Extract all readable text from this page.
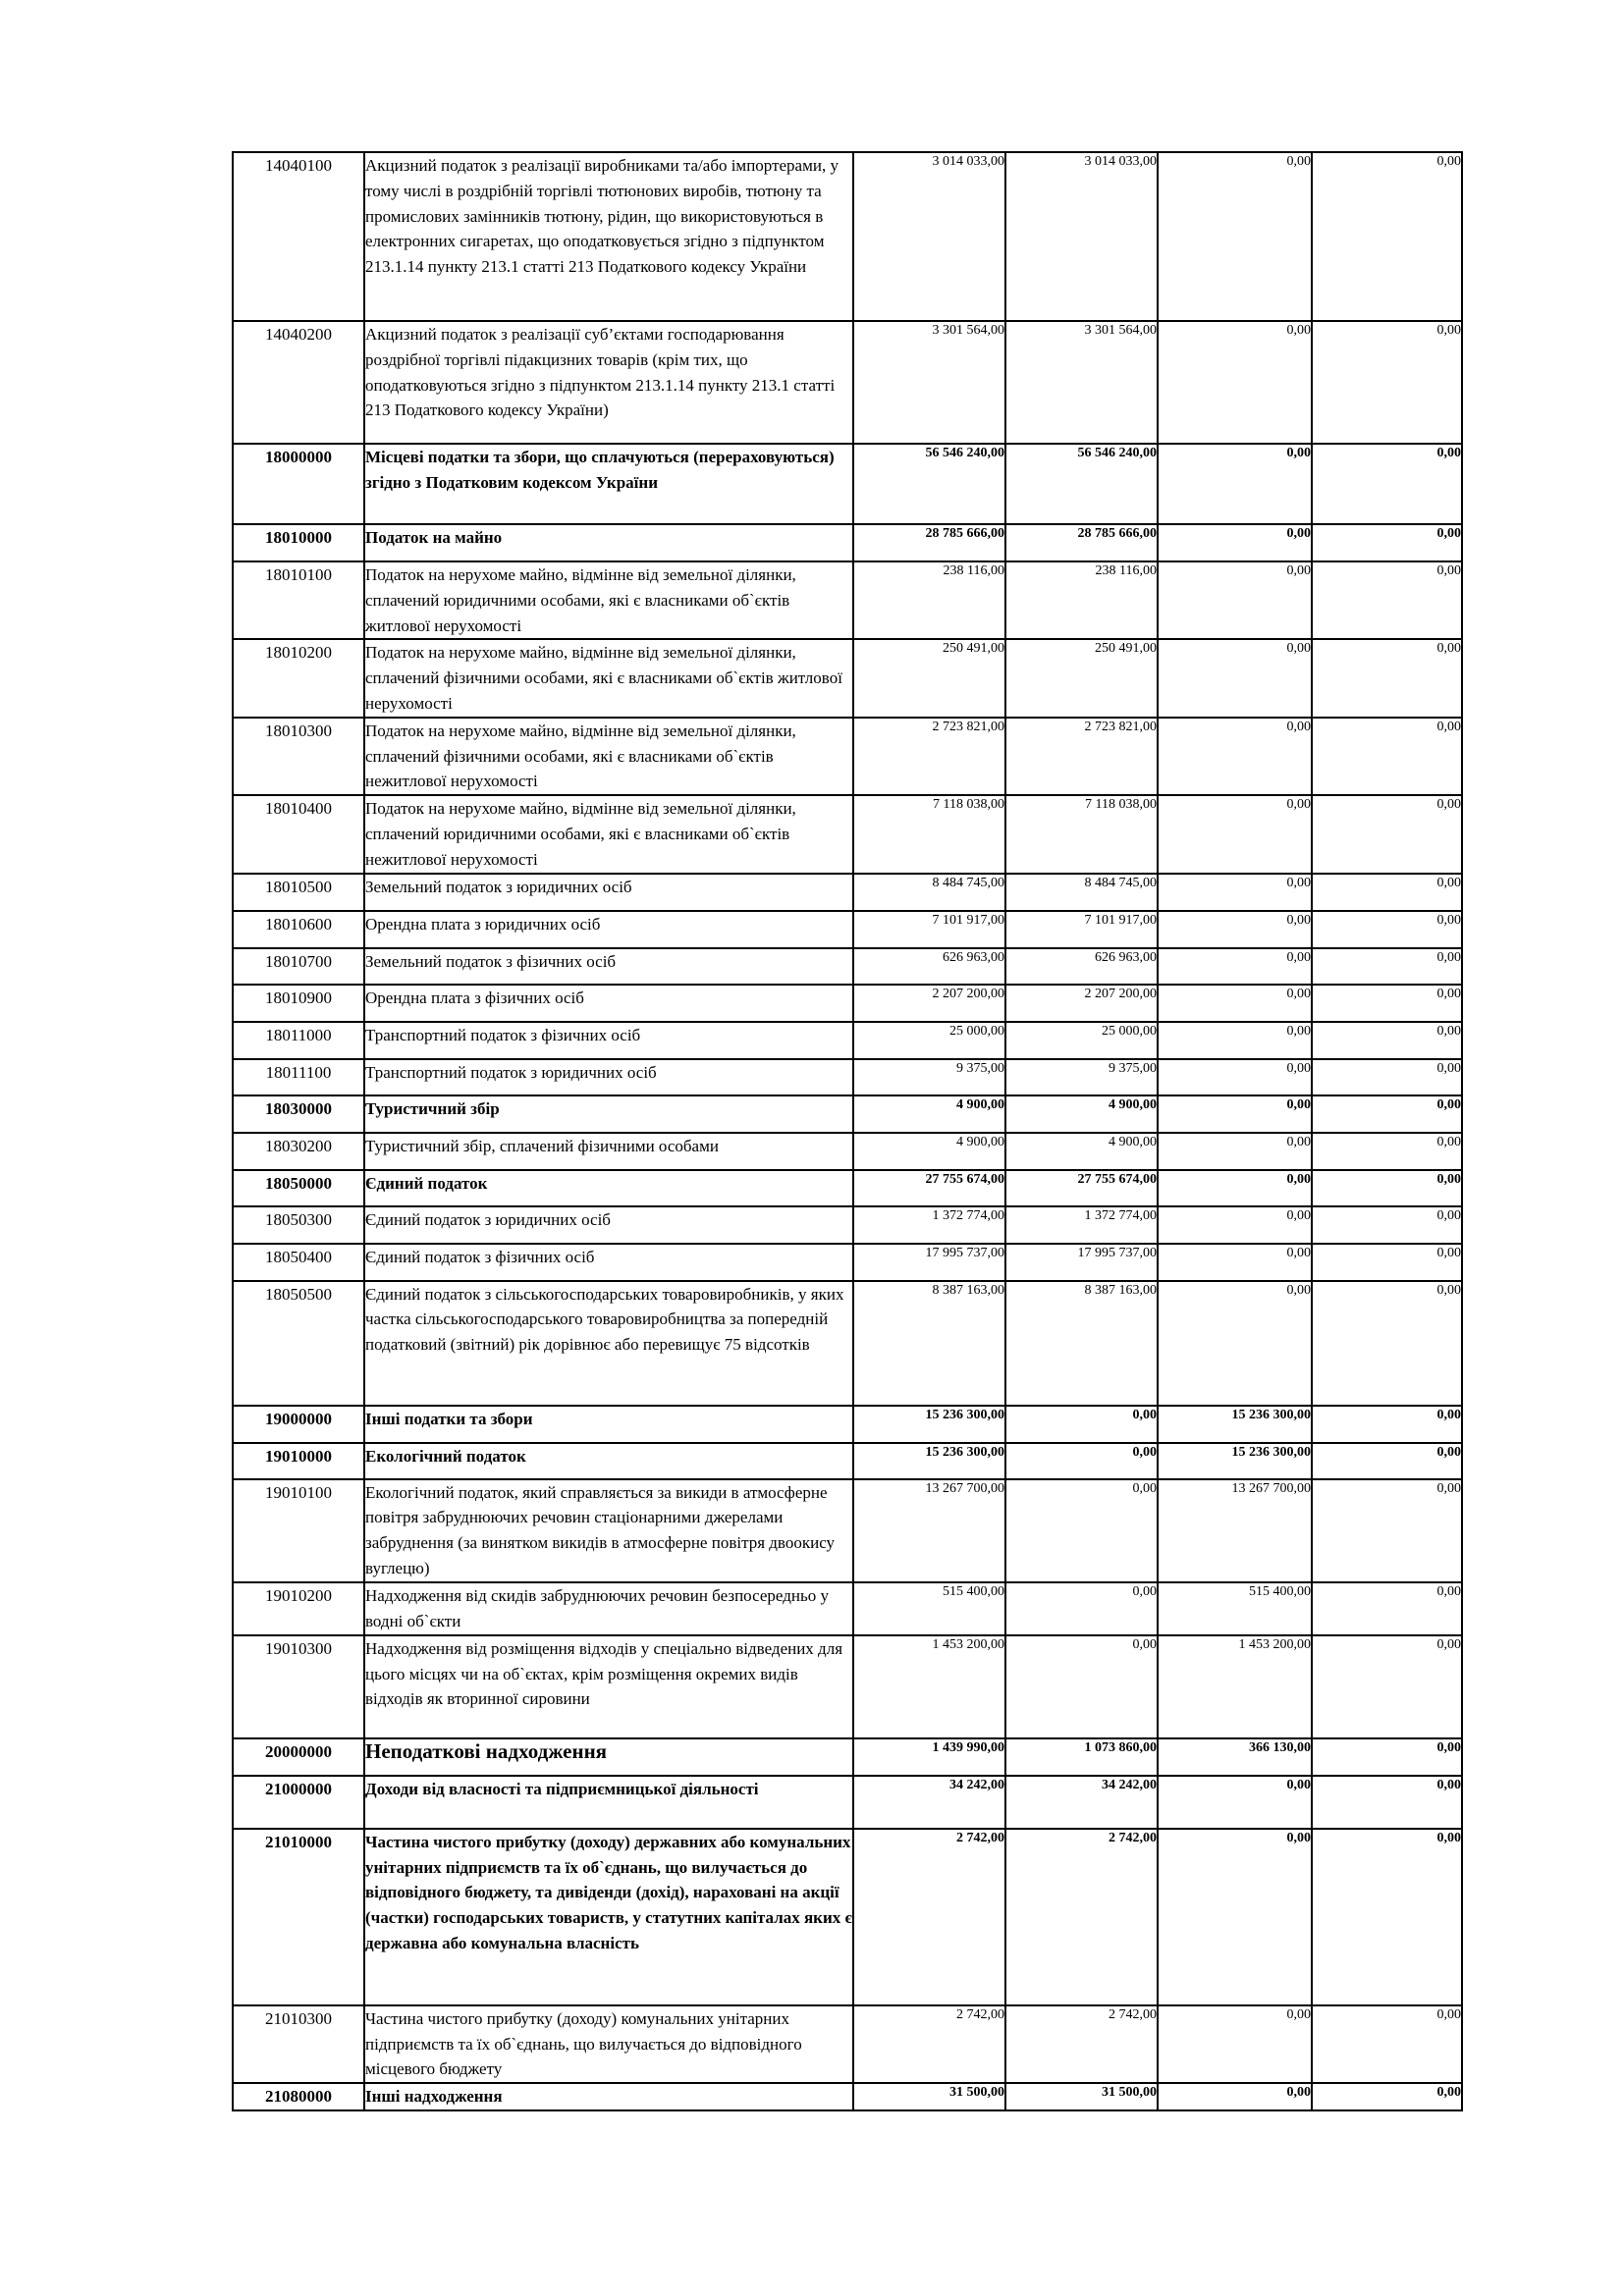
14040100	Акцизний податок з реалізації виробниками та/або імпортерами, у тому числі в роздрібній торгівлі тютюнових виробів, тютюну та промислових замінників тютюну, рідин, що використовуються в електронних сигаретах, що оподатковується згідно з підпунктом 213.1.14 пункту 213.1 статті 213 Податкового кодексу України	3 014 033,00	3 014 033,00	0,00	0,00
14040200	Акцизний податок з реалізації суб’єктами господарювання роздрібної торгівлі підакцизних товарів (крім тих, що оподатковуються згідно з підпунктом 213.1.14 пункту 213.1 статті 213 Податкового кодексу України)	3 301 564,00	3 301 564,00	0,00	0,00
18000000	Місцеві податки та збори, що сплачуються (перераховуються) згідно з Податковим кодексом України	56 546 240,00	56 546 240,00	0,00	0,00
18010000	Податок на майно	28 785 666,00	28 785 666,00	0,00	0,00
18010100	Податок на нерухоме майно, відмінне від земельної ділянки, сплачений юридичними особами, які є власниками об`єктів житлової нерухомості	238 116,00	238 116,00	0,00	0,00
18010200	Податок на нерухоме майно, відмінне від земельної ділянки, сплачений фізичними особами, які є власниками об`єктів житлової нерухомості	250 491,00	250 491,00	0,00	0,00
18010300	Податок на нерухоме майно, відмінне від земельної ділянки, сплачений фізичними особами, які є власниками об`єктів нежитлової нерухомості	2 723 821,00	2 723 821,00	0,00	0,00
18010400	Податок на нерухоме майно, відмінне від земельної ділянки, сплачений юридичними особами, які є власниками об`єктів нежитлової нерухомості	7 118 038,00	7 118 038,00	0,00	0,00
18010500	Земельний податок з юридичних осіб	8 484 745,00	8 484 745,00	0,00	0,00
18010600	Орендна плата з юридичних осіб	7 101 917,00	7 101 917,00	0,00	0,00
18010700	Земельний податок з фізичних осіб	626 963,00	626 963,00	0,00	0,00
18010900	Орендна плата з фізичних осіб	2 207 200,00	2 207 200,00	0,00	0,00
18011000	Транспортний податок з фізичних осіб	25 000,00	25 000,00	0,00	0,00
18011100	Транспортний податок з юридичних осіб	9 375,00	9 375,00	0,00	0,00
18030000	Туристичний збір	4 900,00	4 900,00	0,00	0,00
18030200	Туристичний збір, сплачений фізичними особами	4 900,00	4 900,00	0,00	0,00
18050000	Єдиний податок	27 755 674,00	27 755 674,00	0,00	0,00
18050300	Єдиний податок з юридичних осіб	1 372 774,00	1 372 774,00	0,00	0,00
18050400	Єдиний податок з фізичних осіб	17 995 737,00	17 995 737,00	0,00	0,00
18050500	Єдиний податок з сільськогосподарських товаровиробників, у яких частка сільськогосподарського товаровиробництва за попередній податковий (звітний) рік дорівнює або перевищує 75 відсотків	8 387 163,00	8 387 163,00	0,00	0,00
19000000	Інші податки та збори	15 236 300,00	0,00	15 236 300,00	0,00
19010000	Екологічний податок	15 236 300,00	0,00	15 236 300,00	0,00
19010100	Екологічний податок, який справляється за викиди в атмосферне повітря забруднюючих речовин стаціонарними джерелами забруднення (за винятком викидів в атмосферне повітря двоокису вуглецю)	13 267 700,00	0,00	13 267 700,00	0,00
19010200	Надходження від скидів забруднюючих речовин безпосередньо у водні об`єкти	515 400,00	0,00	515 400,00	0,00
19010300	Надходження від розміщення відходів у спеціально відведених для цього місцях чи на об`єктах, крім розміщення окремих видів відходів як вторинної сировини	1 453 200,00	0,00	1 453 200,00	0,00
20000000	Неподаткові надходження	1 439 990,00	1 073 860,00	366 130,00	0,00
21000000	Доходи від власності та підприємницької діяльності	34 242,00	34 242,00	0,00	0,00
21010000	Частина чистого прибутку (доходу) державних або комунальних унітарних підприємств та їх об`єднань, що вилучається до відповідного бюджету, та дивіденди (дохід), нараховані на акції (частки) господарських товариств, у статутних капіталах яких є державна або комунальна власність	2 742,00	2 742,00	0,00	0,00
21010300	Частина чистого прибутку (доходу) комунальних унітарних підприємств та їх об`єднань, що вилучається до відповідного місцевого бюджету	2 742,00	2 742,00	0,00	0,00
21080000	Інші надходження	31 500,00	31 500,00	0,00	0,00
